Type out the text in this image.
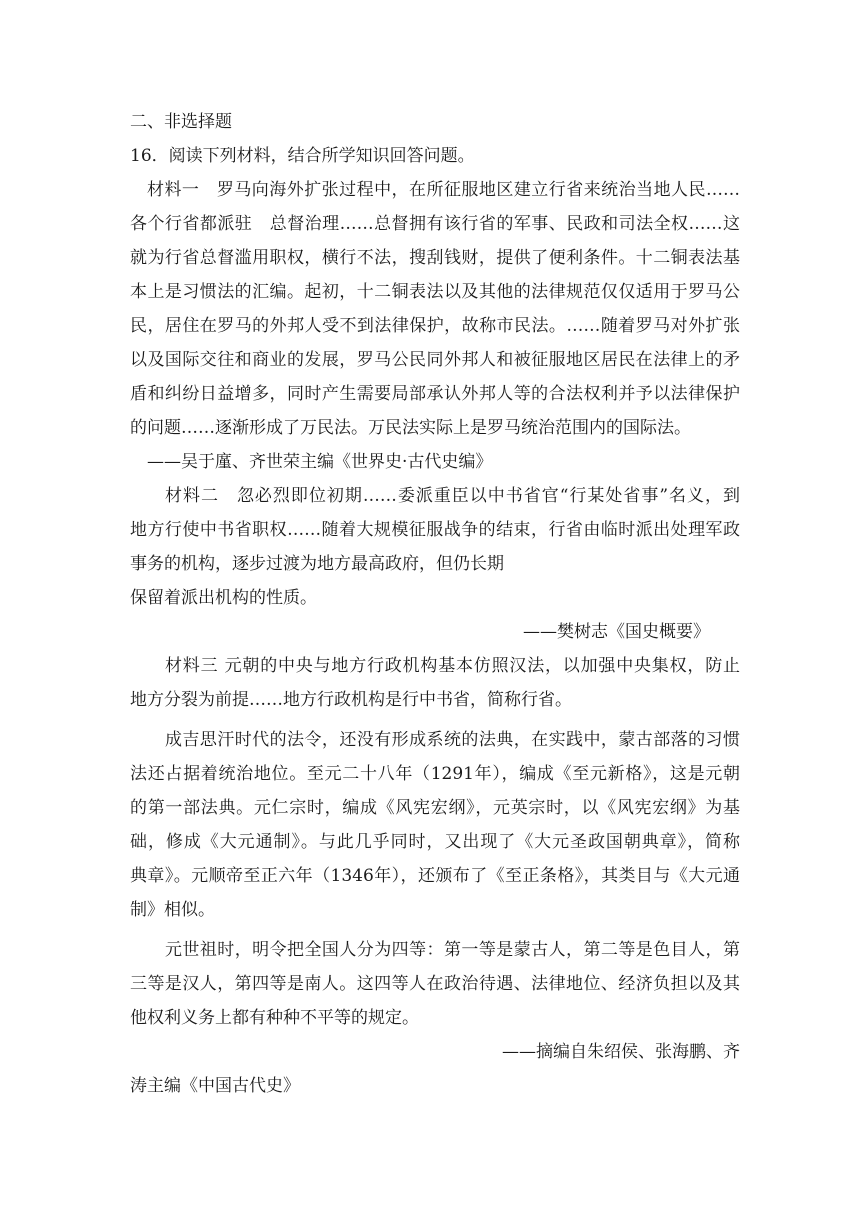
二、非选择题
16．阅读下列材料，结合所学知识回答问题。
材料一　罗马向海外扩张过程中，在所征服地区建立行省来统治当地人民……
各个行省都派驻　总督治理……总督拥有该行省的军事、民政和司法全权……这
就为行省总督滥用职权，横行不法，搜刮钱财，提供了便利条件。十二铜表法基
本上是习惯法的汇编。起初，十二铜表法以及其他的法律规范仅仅适用于罗马公
民，居住在罗马的外邦人受不到法律保护，故称市民法。……随着罗马对外扩张
以及国际交往和商业的发展，罗马公民同外邦人和被征服地区居民在法律上的矛
盾和纠纷日益增多，同时产生需要局部承认外邦人等的合法权利并予以法律保护
的问题……逐渐形成了万民法。万民法实际上是罗马统治范围内的国际法。
——吴于廑、齐世荣主编《世界史·古代史编》
材料二　忽必烈即位初期……委派重臣以中书省官“行某处省事”名义，到
地方行使中书省职权……随着大规模征服战争的结束，行省由临时派出处理军政
事务的机构，逐步过渡为地方最高政府，但仍长期
保留着派出机构的性质。
——樊树志《国史概要》
材料三 元朝的中央与地方行政机构基本仿照汉法，以加强中央集权，防止
地方分裂为前提……地方行政机构是行中书省，简称行省。
成吉思汗时代的法令，还没有形成系统的法典，在实践中，蒙古部落的习惯
法还占据着统治地位。至元二十八年（1291年），编成《至元新格》，这是元朝
的第一部法典。元仁宗时，编成《风宪宏纲》，元英宗时，以《风宪宏纲》为基
础，修成《大元通制》。与此几乎同时，又出现了《大元圣政国朝典章》，简称
典章》。元顺帝至正六年（1346年），还颁布了《至正条格》，其类目与《大元通
制》相似。
元世祖时，明令把全国人分为四等：第一等是蒙古人，第二等是色目人，第
三等是汉人，第四等是南人。这四等人在政治待遇、法律地位、经济负担以及其
他权利义务上都有种种不平等的规定。
——摘编自朱绍侯、张海鹏、齐
涛主编《中国古代史》
